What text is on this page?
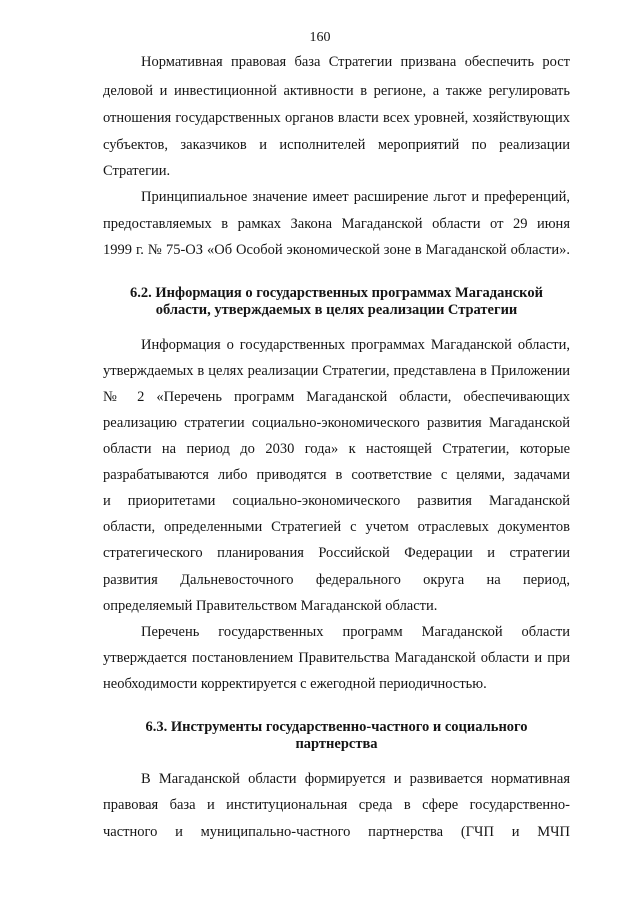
160
Нормативная правовая база Стратегии призвана обеспечить рост
деловой и инвестиционной активности в регионе, а также регулировать
отношения государственных органов власти всех уровней, хозяйствующих
субъектов, заказчиков и исполнителей мероприятий по реализации
Стратегии.
Принципиальное значение имеет расширение льгот и преференций,
предоставляемых в рамках Закона Магаданской области от 29 июня
1999 г. № 75-ОЗ «Об Особой экономической зоне в Магаданской области».
6.2. Информация о государственных программах Магаданской
области, утверждаемых в целях реализации Стратегии
Информация о государственных программах Магаданской области,
утверждаемых в целях реализации Стратегии, представлена в Приложении
№ 2 «Перечень программ Магаданской области, обеспечивающих
реализацию стратегии социально-экономического развития Магаданской
области на период до 2030 года» к настоящей Стратегии, которые
разрабатываются либо приводятся в соответствие с целями, задачами
и приоритетами социально-экономического развития Магаданской
области, определенными Стратегией с учетом отраслевых документов
стратегического планирования Российской Федерации и стратегии
развития Дальневосточного федерального округа на период,
определяемый Правительством Магаданской области.
Перечень государственных программ Магаданской области
утверждается постановлением Правительства Магаданской области и при
необходимости корректируется с ежегодной периодичностью.
6.3. Инструменты государственно-частного и социального
партнерства
В Магаданской области формируется и развивается нормативная
правовая база и институциональная среда в сфере государственно-
частного и муниципально-частного партнерства (ГЧП и МЧП
